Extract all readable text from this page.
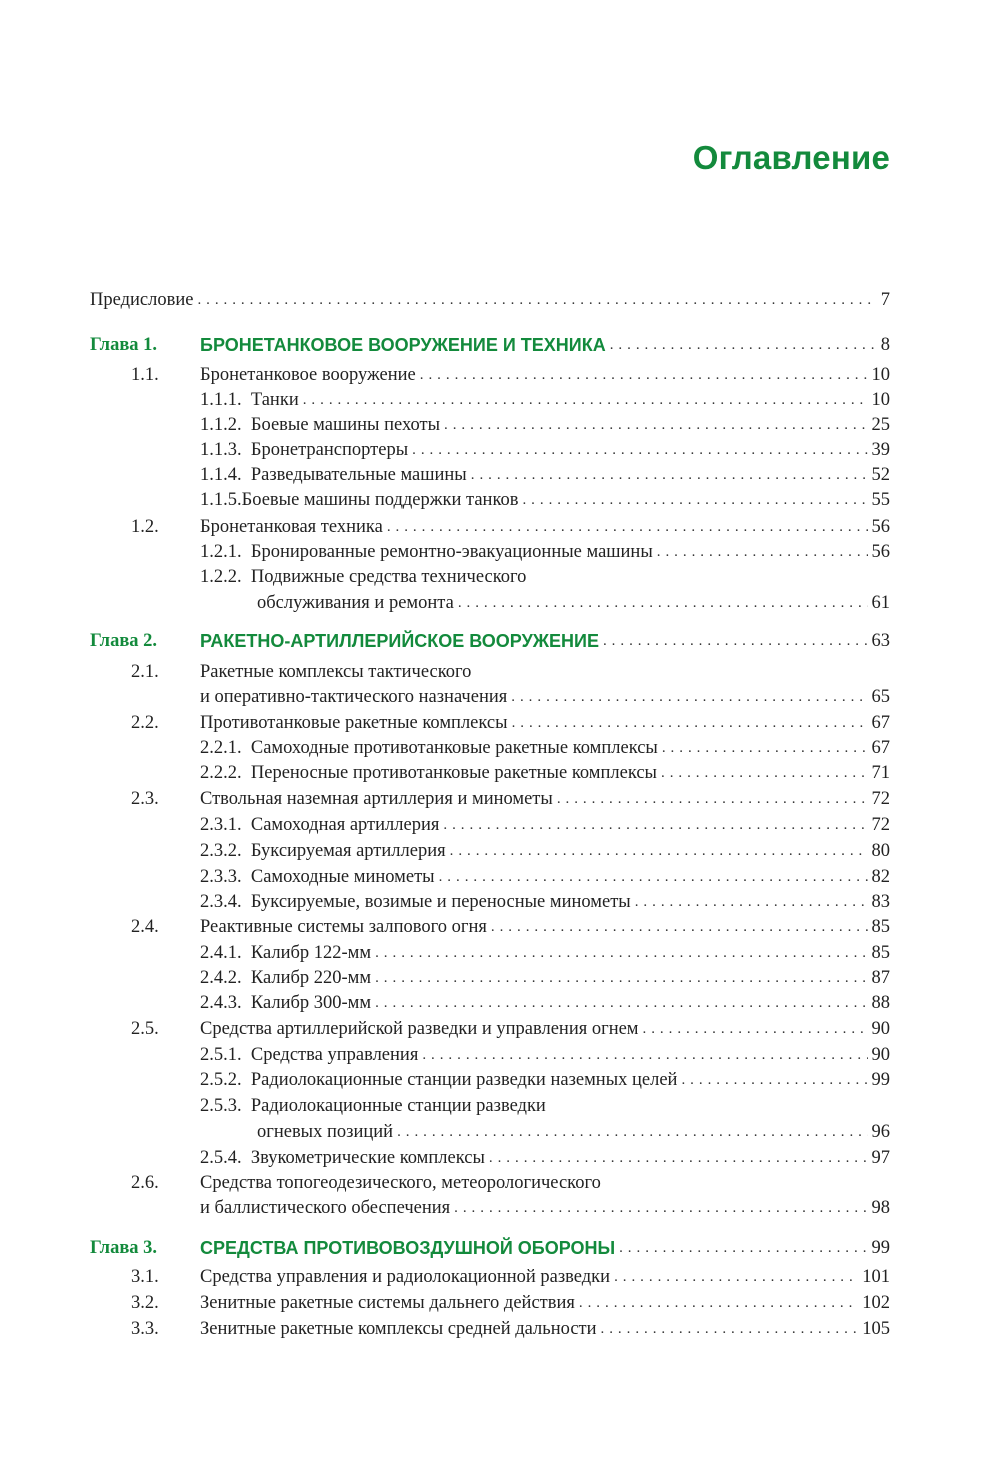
Оглавление
Предисловие . . .	7
Глава 1. БРОНЕТАНКОВОЕ ВООРУЖЕНИЕ И ТЕХНИКА . . .	8
1.1. Бронетанковое вооружение . . .	10
1.1.1.  Танки . . .	10
1.1.2.  Боевые машины пехоты . . .	25
1.1.3.  Бронетранспортеры . . .	39
1.1.4.  Разведывательные машины . . .	52
1.1.5.Боевые машины поддержки танков . . .	55
1.2. Бронетанковая техника . . .	56
1.2.1.  Бронированные ремонтно-эвакуационные машины . . .	56
1.2.2.  Подвижные средства технического
обслуживания и ремонта . . .	61
Глава 2. РАКЕТНО-АРТИЛЛЕРИЙСКОЕ ВООРУЖЕНИЕ . . .	63
2.1. Ракетные комплексы тактического
и оперативно-тактического назначения . . .	65
2.2. Противотанковые ракетные комплексы . . .	67
2.2.1.  Самоходные противотанковые ракетные комплексы . . .	67
2.2.2.  Переносные противотанковые ракетные комплексы . . .	71
2.3. Ствольная наземная артиллерия и минометы . . .	72
2.3.1.  Самоходная артиллерия . . .	72
2.3.2.  Буксируемая артиллерия . . .	80
2.3.3.  Самоходные минометы . . .	82
2.3.4.  Буксируемые, возимые и переносные минометы . . .	83
2.4. Реактивные системы залпового огня . . .	85
2.4.1.  Калибр 122-мм . . .	85
2.4.2.  Калибр 220-мм . . .	87
2.4.3.  Калибр 300-мм . . .	88
2.5. Средства артиллерийской разведки и управления огнем . . .	90
2.5.1.  Средства управления . . .	90
2.5.2.  Радиолокационные станции разведки наземных целей . . .	99
2.5.3.  Радиолокационные станции разведки
огневых позиций . . .	96
2.5.4.  Звукометрические комплексы . . .	97
2.6. Средства топогеодезического, метеорологического
и баллистического обеспечения . . .	98
Глава 3. СРЕДСТВА ПРОТИВОВОЗДУШНОЙ ОБОРОНЫ . . .	99
3.1. Средства управления и радиолокационной разведки . . .	101
3.2. Зенитные ракетные системы дальнего действия . . .	102
3.3. Зенитные ракетные комплексы средней дальности . . .	105
